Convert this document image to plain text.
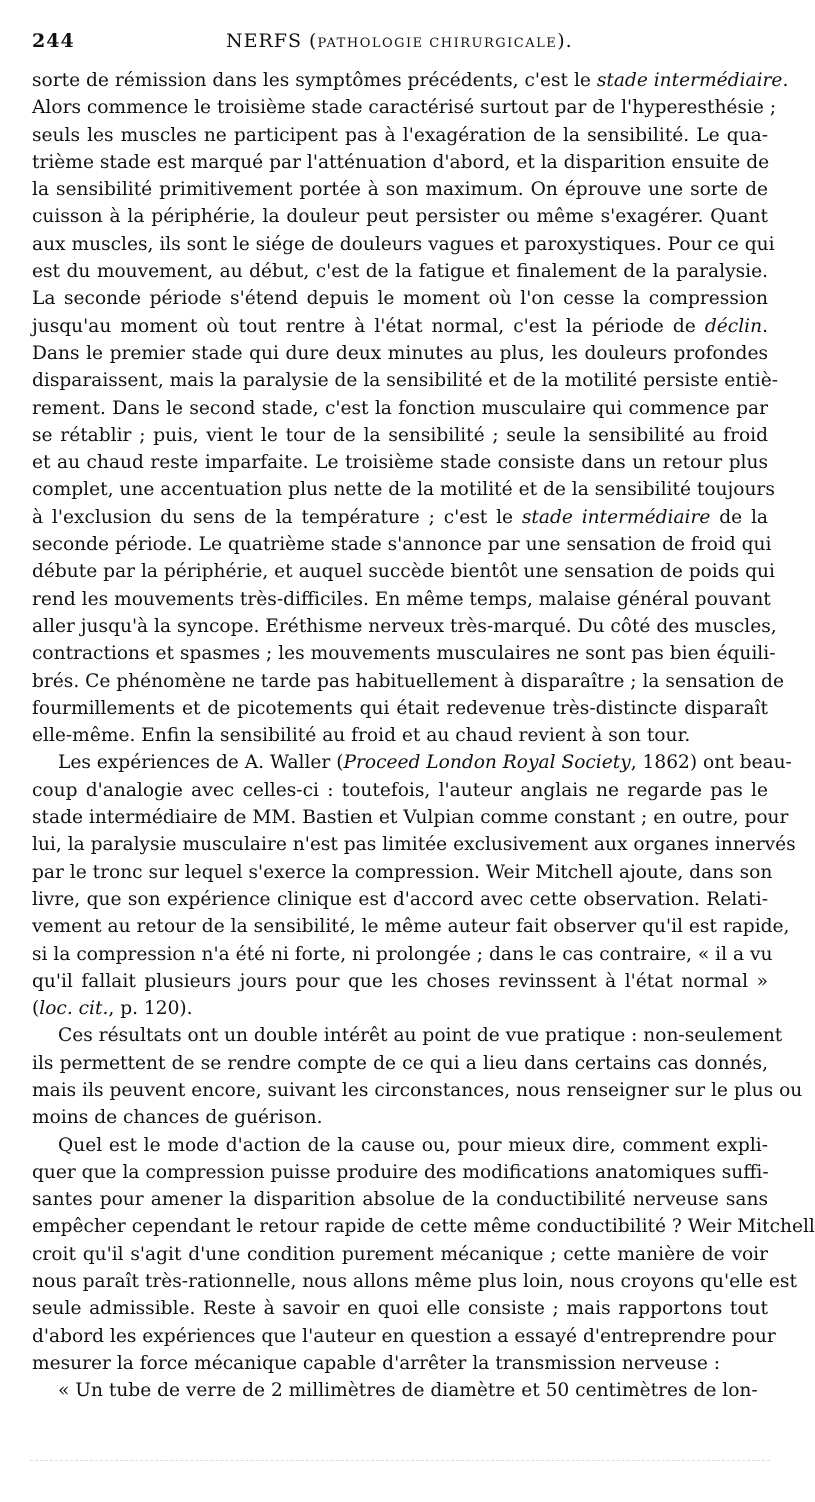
244	NERFS (PATHOLOGIE CHIRURGICALE).
sorte de rémission dans les symptômes précédents, c'est le stade intermédiaire.
Alors commence le troisième stade caractérisé surtout par de l'hyperesthésie ;
seuls les muscles ne participent pas à l'exagération de la sensibilité. Le qua-
trième stade est marqué par l'atténuation d'abord, et la disparition ensuite de
la sensibilité primitivement portée à son maximum. On éprouve une sorte de
cuisson à la périphérie, la douleur peut persister ou même s'exagérer. Quant
aux muscles, ils sont le siége de douleurs vagues et paroxystiques. Pour ce qui
est du mouvement, au début, c'est de la fatigue et finalement de la paralysie.
La seconde période s'étend depuis le moment où l'on cesse la compression
jusqu'au moment où tout rentre à l'état normal, c'est la période de déclin.
Dans le premier stade qui dure deux minutes au plus, les douleurs profondes
disparaissent, mais la paralysie de la sensibilité et de la motilité persiste entiè-
rement. Dans le second stade, c'est la fonction musculaire qui commence par
se rétablir ; puis, vient le tour de la sensibilité ; seule la sensibilité au froid
et au chaud reste imparfaite. Le troisième stade consiste dans un retour plus
complet, une accentuation plus nette de la motilité et de la sensibilité toujours
à l'exclusion du sens de la température ; c'est le stade intermédiaire de la
seconde période. Le quatrième stade s'annonce par une sensation de froid qui
débute par la périphérie, et auquel succède bientôt une sensation de poids qui
rend les mouvements très-difficiles. En même temps, malaise général pouvant
aller jusqu'à la syncope. Eréthisme nerveux très-marqué. Du côté des muscles,
contractions et spasmes ; les mouvements musculaires ne sont pas bien équili-
brés. Ce phénomène ne tarde pas habituellement à disparaître ; la sensation de
fourmillements et de picotements qui était redevenue très-distincte disparaît
elle-même. Enfin la sensibilité au froid et au chaud revient à son tour.
Les expériences de A. Waller (Proceed London Royal Society, 1862) ont beau-
coup d'analogie avec celles-ci : toutefois, l'auteur anglais ne regarde pas le
stade intermédiaire de MM. Bastien et Vulpian comme constant ; en outre, pour
lui, la paralysie musculaire n'est pas limitée exclusivement aux organes innervés
par le tronc sur lequel s'exerce la compression. Weir Mitchell ajoute, dans son
livre, que son expérience clinique est d'accord avec cette observation. Relati-
vement au retour de la sensibilité, le même auteur fait observer qu'il est rapide,
si la compression n'a été ni forte, ni prolongée ; dans le cas contraire, « il a vu
qu'il fallait plusieurs jours pour que les choses revinssent à l'état normal »
(loc. cit., p. 120).
Ces résultats ont un double intérêt au point de vue pratique : non-seulement
ils permettent de se rendre compte de ce qui a lieu dans certains cas donnés,
mais ils peuvent encore, suivant les circonstances, nous renseigner sur le plus ou
moins de chances de guérison.
Quel est le mode d'action de la cause ou, pour mieux dire, comment expli-
quer que la compression puisse produire des modifications anatomiques suffi-
santes pour amener la disparition absolue de la conductibilité nerveuse sans
empêcher cependant le retour rapide de cette même conductibilité ? Weir Mitchell
croit qu'il s'agit d'une condition purement mécanique ; cette manière de voir
nous paraît très-rationnelle, nous allons même plus loin, nous croyons qu'elle est
seule admissible. Reste à savoir en quoi elle consiste ; mais rapportons tout
d'abord les expériences que l'auteur en question a essayé d'entreprendre pour
mesurer la force mécanique capable d'arrêter la transmission nerveuse :
« Un tube de verre de 2 millimètres de diamètre et 50 centimètres de lon-
